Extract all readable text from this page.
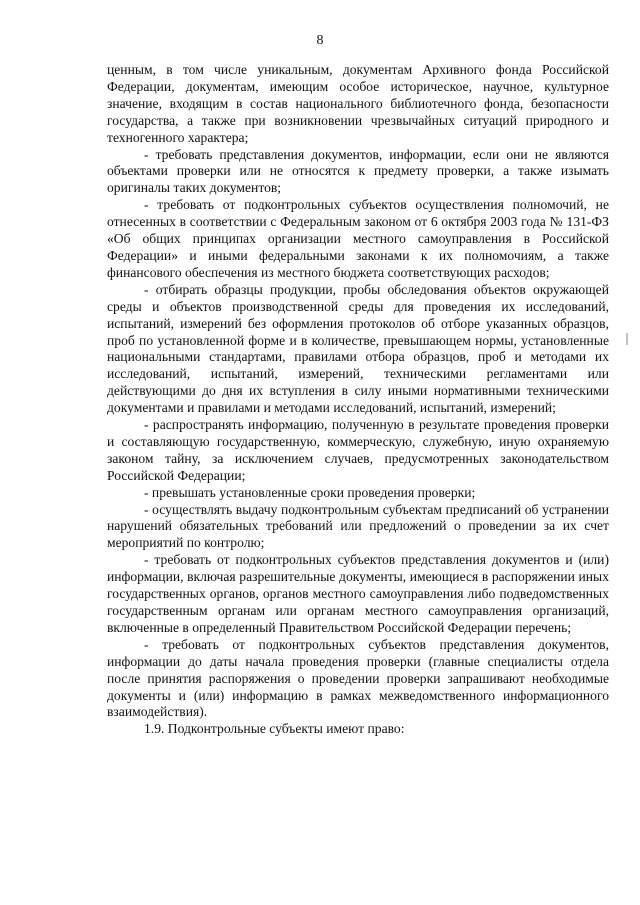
8

ценным, в том числе уникальным, документам Архивного фонда Российской Федерации, документам, имеющим особое историческое, научное, культурное значение, входящим в состав национального библиотечного фонда, безопасности государства, а также при возникновении чрезвычайных ситуаций природного и техногенного характера;

- требовать представления документов, информации, если они не являются объектами проверки или не относятся к предмету проверки, а также изымать оригиналы таких документов;

- требовать от подконтрольных субъектов осуществления полномочий, не отнесенных в соответствии с Федеральным законом от 6 октября 2003 года № 131-ФЗ «Об общих принципах организации местного самоуправления в Российской Федерации» и иными федеральными законами к их полномочиям, а также финансового обеспечения из местного бюджета соответствующих расходов;

- отбирать образцы продукции, пробы обследования объектов окружающей среды и объектов производственной среды для проведения их исследований, испытаний, измерений без оформления протоколов об отборе указанных образцов, проб по установленной форме и в количестве, превышающем нормы, установленные национальными стандартами, правилами отбора образцов, проб и методами их исследований, испытаний, измерений, техническими регламентами или действующими до дня их вступления в силу иными нормативными техническими документами и правилами и методами исследований, испытаний, измерений;

- распространять информацию, полученную в результате проведения проверки и составляющую государственную, коммерческую, служебную, иную охраняемую законом тайну, за исключением случаев, предусмотренных законодательством Российской Федерации;

- превышать установленные сроки проведения проверки;

- осуществлять выдачу подконтрольным субъектам предписаний об устранении нарушений обязательных требований или предложений о проведении за их счет мероприятий по контролю;

- требовать от подконтрольных субъектов представления документов и (или) информации, включая разрешительные документы, имеющиеся в распоряжении иных государственных органов, органов местного самоуправления либо подведомственных государственным органам или органам местного самоуправления организаций, включенные в определенный Правительством Российской Федерации перечень;

- требовать от подконтрольных субъектов представления документов, информации до даты начала проведения проверки (главные специалисты отдела после принятия распоряжения о проведении проверки запрашивают необходимые документы и (или) информацию в рамках межведомственного информационного взаимодействия).

1.9. Подконтрольные субъекты имеют право:
